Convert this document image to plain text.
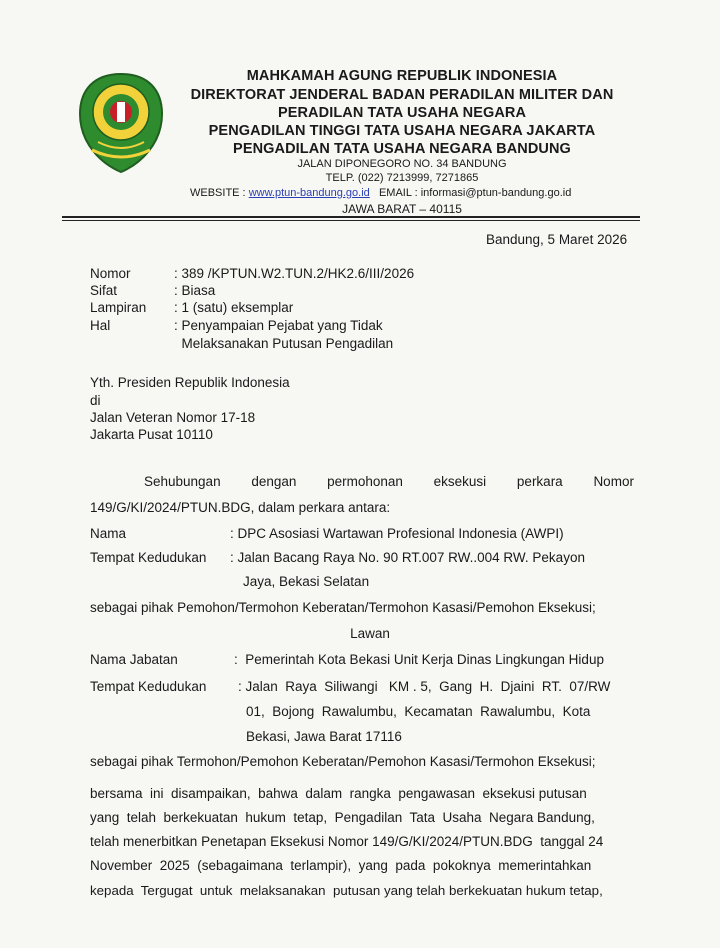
MAHKAMAH AGUNG REPUBLIK INDONESIA
DIREKTORAT JENDERAL BADAN PERADILAN MILITER DAN
PERADILAN TATA USAHA NEGARA
PENGADILAN TINGGI TATA USAHA NEGARA JAKARTA
PENGADILAN TATA USAHA NEGARA BANDUNG
JALAN DIPONEGORO NO. 34 BANDUNG
TELP. (022) 7213999, 7271865
WEBSITE : www.ptun-bandung.go.id EMAIL : informasi@ptun-bandung.go.id
JAWA BARAT – 40115
Bandung, 5 Maret 2026
Nomor	: 389 /KPTUN.W2.TUN.2/HK2.6/III/2026
Sifat	: Biasa
Lampiran : 1 (satu) eksemplar
Hal	: Penyampaian Pejabat yang Tidak
Melaksanakan Putusan Pengadilan
Yth. Presiden Republik Indonesia
di
Jalan Veteran Nomor 17-18
Jakarta Pusat 10110
Sehubungan dengan permohonan eksekusi perkara Nomor
149/G/KI/2024/PTUN.BDG, dalam perkara antara:
Nama	: DPC Asosiasi Wartawan Profesional Indonesia (AWPI)
Tempat Kedudukan : Jalan Bacang Raya No. 90 RT.007 RW..004 RW. Pekayon
Jaya, Bekasi Selatan
sebagai pihak Pemohon/Termohon Keberatan/Termohon Kasasi/Pemohon Eksekusi;
Lawan
Nama Jabatan	:  Pemerintah Kota Bekasi Unit Kerja Dinas Lingkungan Hidup
Tempat Kedudukan : Jalan  Raya  Siliwangi   KM . 5,  Gang  H.  Djaini  RT.  07/RW
01,  Bojong  Rawalumbu,  Kecamatan  Rawalumbu,  Kota
Bekasi, Jawa Barat 17116
sebagai pihak Termohon/Pemohon Keberatan/Pemohon Kasasi/Termohon Eksekusi;
bersama  ini  disampaikan,  bahwa  dalam  rangka  pengawasan  eksekusi putusan
yang  telah  berkekuatan  hukum  tetap,  Pengadilan  Tata  Usaha  Negara Bandung,
telah menerbitkan Penetapan Eksekusi Nomor 149/G/KI/2024/PTUN.BDG  tanggal 24
November  2025  (sebagaimana  terlampir),  yang  pada  pokoknya  memerintahkan
kepada  Tergugat  untuk  melaksanakan  putusan yang telah berkekuatan hukum tetap,
